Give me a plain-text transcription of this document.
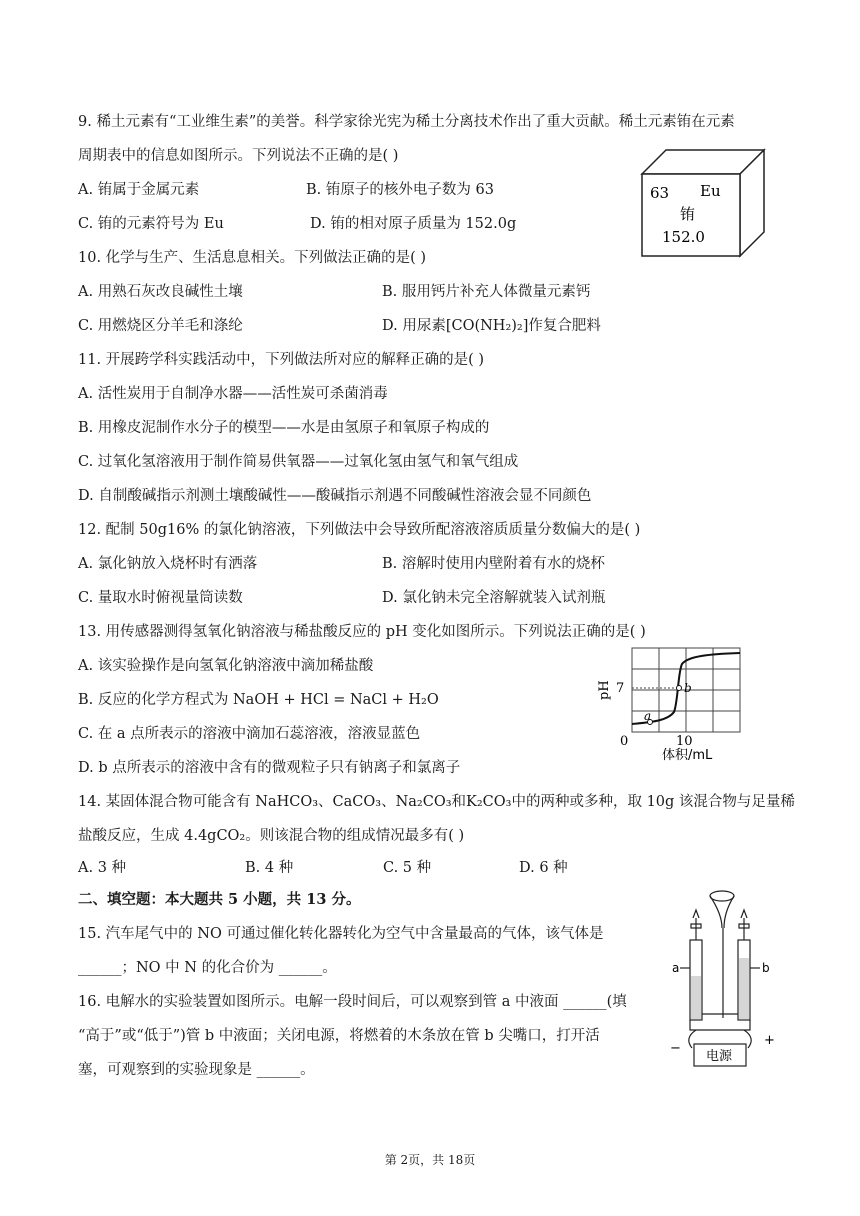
9. 稀土元素有“工业维生素”的美誉。科学家徐光宪为稀土分离技术作出了重大贡献。稀土元素铕在元素
周期表中的信息如图所示。下列说法不正确的是( )
A. 铕属于金属元素	B. 铕原子的核外电子数为 63
C. 铕的元素符号为 Eu	D. 铕的相对原子质量为 152.0g
63 Eu
铕
152.0
10. 化学与生产、生活息息相关。下列做法正确的是( )
A. 用熟石灰改良碱性土壤	B. 服用钙片补充人体微量元素钙
C. 用燃烧区分羊毛和涤纶	D. 用尿素[CO(NH₂)₂]作复合肥料
11. 开展跨学科实践活动中，下列做法所对应的解释正确的是( )
A. 活性炭用于自制净水器——活性炭可杀菌消毒
B. 用橡皮泥制作水分子的模型——水是由氢原子和氧原子构成的
C. 过氧化氢溶液用于制作简易供氧器——过氧化氢由氢气和氧气组成
D. 自制酸碱指示剂测土壤酸碱性——酸碱指示剂遇不同酸碱性溶液会显不同颜色
12. 配制 50g16% 的氯化钠溶液，下列做法中会导致所配溶液溶质质量分数偏大的是( )
A. 氯化钠放入烧杯时有洒落	B. 溶解时使用内壁附着有水的烧杯
C. 量取水时俯视量筒读数	D. 氯化钠未完全溶解就装入试剂瓶
13. 用传感器测得氢氧化钠溶液与稀盐酸反应的 pH 变化如图所示。下列说法正确的是( )
A. 该实验操作是向氢氧化钠溶液中滴加稀盐酸
B. 反应的化学方程式为 NaOH + HCl = NaCl + H₂O
C. 在 a 点所表示的溶液中滴加石蕊溶液，溶液显蓝色
D. b 点所表示的溶液中含有的微观粒子只有钠离子和氯离子
a
b
7
pH
0	10
体积/mL
14. 某固体混合物可能含有 NaHCO₃、CaCO₃、Na₂CO₃和K₂CO₃中的两种或多种，取 10g 该混合物与足量稀
盐酸反应，生成 4.4gCO₂。则该混合物的组成情况最多有( )
A. 3 种	B. 4 种	C. 5 种	D. 6 种
二、填空题：本大题共 5 小题，共 13 分。
15. 汽车尾气中的 NO 可通过催化转化器转化为空气中含量最高的气体，该气体是
______；NO 中 N 的化合价为 ______。
16. 电解水的实验装置如图所示。电解一段时间后，可以观察到管 a 中液面 ______(填
“高于”或“低于”)管 b 中液面；关闭电源，将燃着的木条放在管 b 尖嘴口，打开活
塞，可观察到的实验现象是 ______。
a	b
−
+
电源
第 2页，共 18页
